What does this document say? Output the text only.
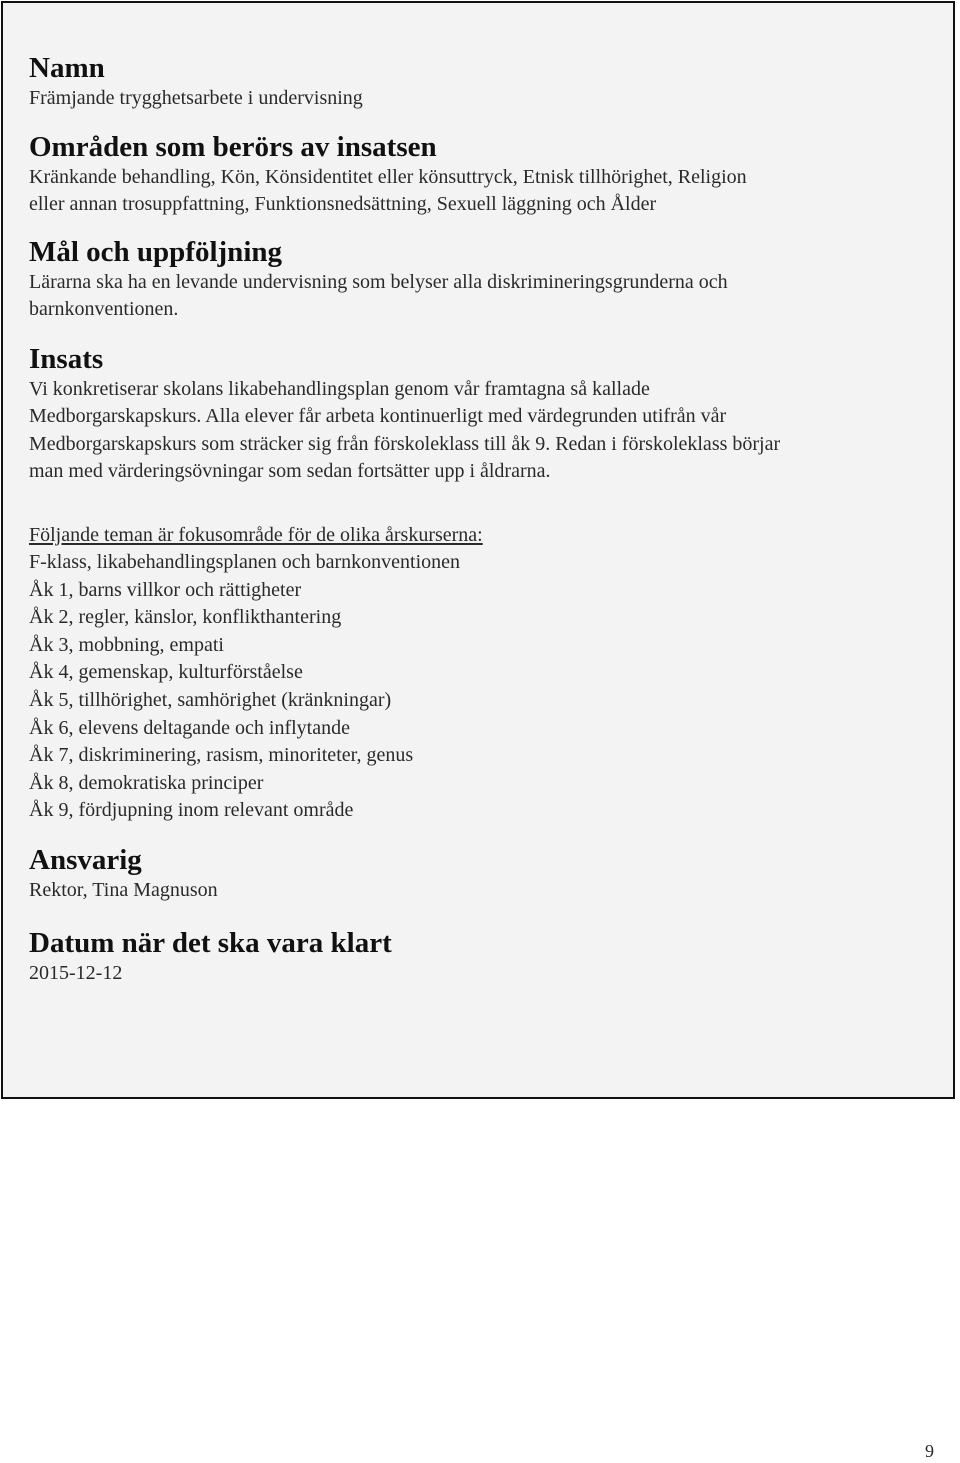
Namn

Främjande trygghetsarbete i undervisning

Områden som berörs av insatsen

Kränkande behandling, Kön, Könsidentitet eller könsuttryck, Etnisk tillhörighet, Religion

eller annan trosuppfattning, Funktionsnedsättning, Sexuell läggning och Ålder

Mål och uppföljning

Lärarna ska ha en levande undervisning som belyser alla diskrimineringsgrunderna och

barnkonventionen.

Insats

Vi konkretiserar skolans likabehandlingsplan genom vår framtagna så kallade

Medborgarskapskurs. Alla elever får arbeta kontinuerligt med värdegrunden utifrån vår

Medborgarskapskurs som sträcker sig från förskoleklass till åk 9. Redan i förskoleklass börjar

man med värderingsövningar som sedan fortsätter upp i åldrarna.

Följande teman är fokusområde för de olika årskurserna:

F-klass, likabehandlingsplanen och barnkonventionen
Åk 1, barns villkor och rättigheter
Åk 2, regler, känslor, konflikthantering
Åk 3, mobbning, empati
Åk 4, gemenskap, kulturförståelse
Åk 5, tillhörighet, samhörighet (kränkningar)
Åk 6, elevens deltagande och inflytande
Åk 7, diskriminering, rasism, minoriteter, genus
Åk 8, demokratiska principer
Åk 9, fördjupning inom relevant område
Ansvarig

Rektor, Tina Magnuson

Datum när det ska vara klart

2015-12-12

9
